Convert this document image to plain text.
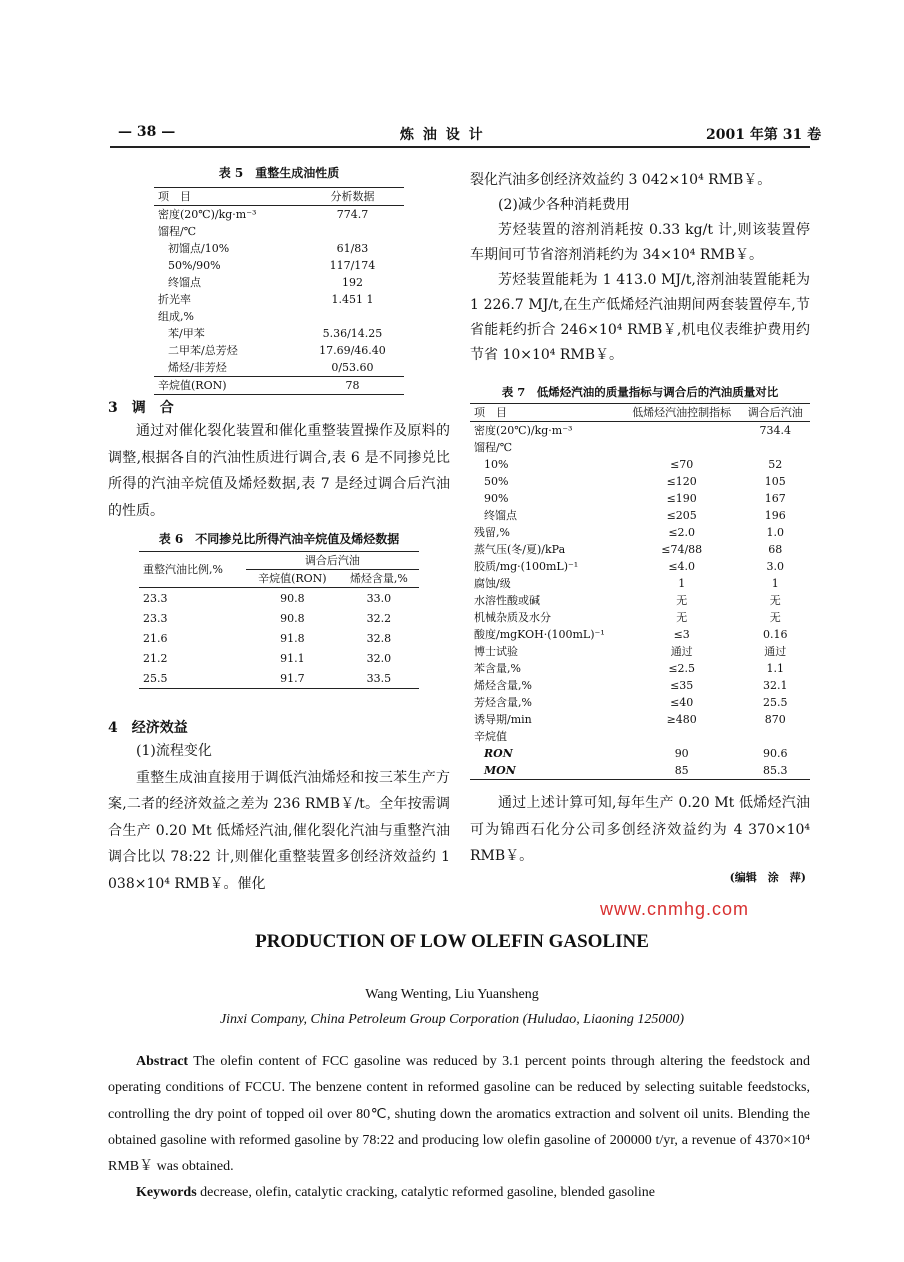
— 38 —	炼 油 设 计	2001 年第 31 卷
表 5　重整生成油性质
项　目	分析数据
密度(20℃)/kg·m⁻³	774.7
馏程/℃	
初馏点/10%	61/83
50%/90%	117/174
终馏点	192
折光率	1.451 1
组成,%	
苯/甲苯	5.36/14.25
二甲苯/总芳烃	17.69/46.40
烯烃/非芳烃	0/53.60
辛烷值(RON)	78
3　调　合
通过对催化裂化装置和催化重整装置操作及原料的调整,根据各自的汽油性质进行调合,表 6 是不同掺兑比所得的汽油辛烷值及烯烃数据,表 7 是经过调合后汽油的性质。
表 6　不同掺兑比所得汽油辛烷值及烯烃数据
重整汽油比例,%	调合后汽油	
	辛烷值(RON)	烯烃含量,%
23.3	90.8	33.0
23.3	90.8	32.2
21.6	91.8	32.8
21.2	91.1	32.0
25.5	91.7	33.5
4　经济效益
(1)流程变化
重整生成油直接用于调低汽油烯烃和按三苯生产方案,二者的经济效益之差为 236 RMB￥/t。全年按需调合生产 0.20 Mt 低烯烃汽油,催化裂化汽油与重整汽油调合比以 78:22 计,则催化重整装置多创经济效益约 1 038×10⁴ RMB￥。催化
裂化汽油多创经济效益约 3 042×10⁴ RMB￥。
(2)减少各种消耗费用
芳烃装置的溶剂消耗按 0.33 kg/t 计,则该装置停车期间可节省溶剂消耗约为 34×10⁴ RMB￥。
芳烃装置能耗为 1 413.0 MJ/t,溶剂油装置能耗为 1 226.7 MJ/t,在生产低烯烃汽油期间两套装置停车,节省能耗约折合 246×10⁴ RMB￥,机电仪表维护费用约节省 10×10⁴ RMB￥。
表 7　低烯烃汽油的质量指标与调合后的汽油质量对比
项　目	低烯烃汽油控制指标	调合后汽油
密度(20℃)/kg·m⁻³		734.4
馏程/℃		
10%	≤70	52
50%	≤120	105
90%	≤190	167
终馏点	≤205	196
残留,%	≤2.0	1.0
蒸气压(冬/夏)/kPa	≤74/88	68
胶质/mg·(100mL)⁻¹	≤4.0	3.0
腐蚀/级	1	1
水溶性酸或碱	无	无
机械杂质及水分	无	无
酸度/mgKOH·(100mL)⁻¹	≤3	0.16
博士试验	通过	通过
苯含量,%	≤2.5	1.1
烯烃含量,%	≤35	32.1
芳烃含量,%	≤40	25.5
诱导期/min	≥480	870
辛烷值		
RON	90	90.6
MON	85	85.3
通过上述计算可知,每年生产 0.20 Mt 低烯烃汽油可为锦西石化分公司多创经济效益约为 4 370×10⁴ RMB￥。
(编辑　涂　萍)
www.cnmhg.com
PRODUCTION OF LOW OLEFIN GASOLINE
Wang Wenting, Liu Yuansheng
Jinxi Company, China Petroleum Group Corporation (Huludao, Liaoning 125000)
Abstract The olefin content of FCC gasoline was reduced by 3.1 percent points through altering the feedstock and operating conditions of FCCU. The benzene content in reformed gasoline can be reduced by selecting suitable feedstocks, controlling the dry point of topped oil over 80℃, shuting down the aromatics extraction and solvent oil units. Blending the obtained gasoline with reformed gasoline by 78:22 and producing low olefin gasoline of 200000 t/yr, a revenue of 4370×10⁴ RMB￥ was obtained.
Keywords decrease, olefin, catalytic cracking, catalytic reformed gasoline, blended gasoline
